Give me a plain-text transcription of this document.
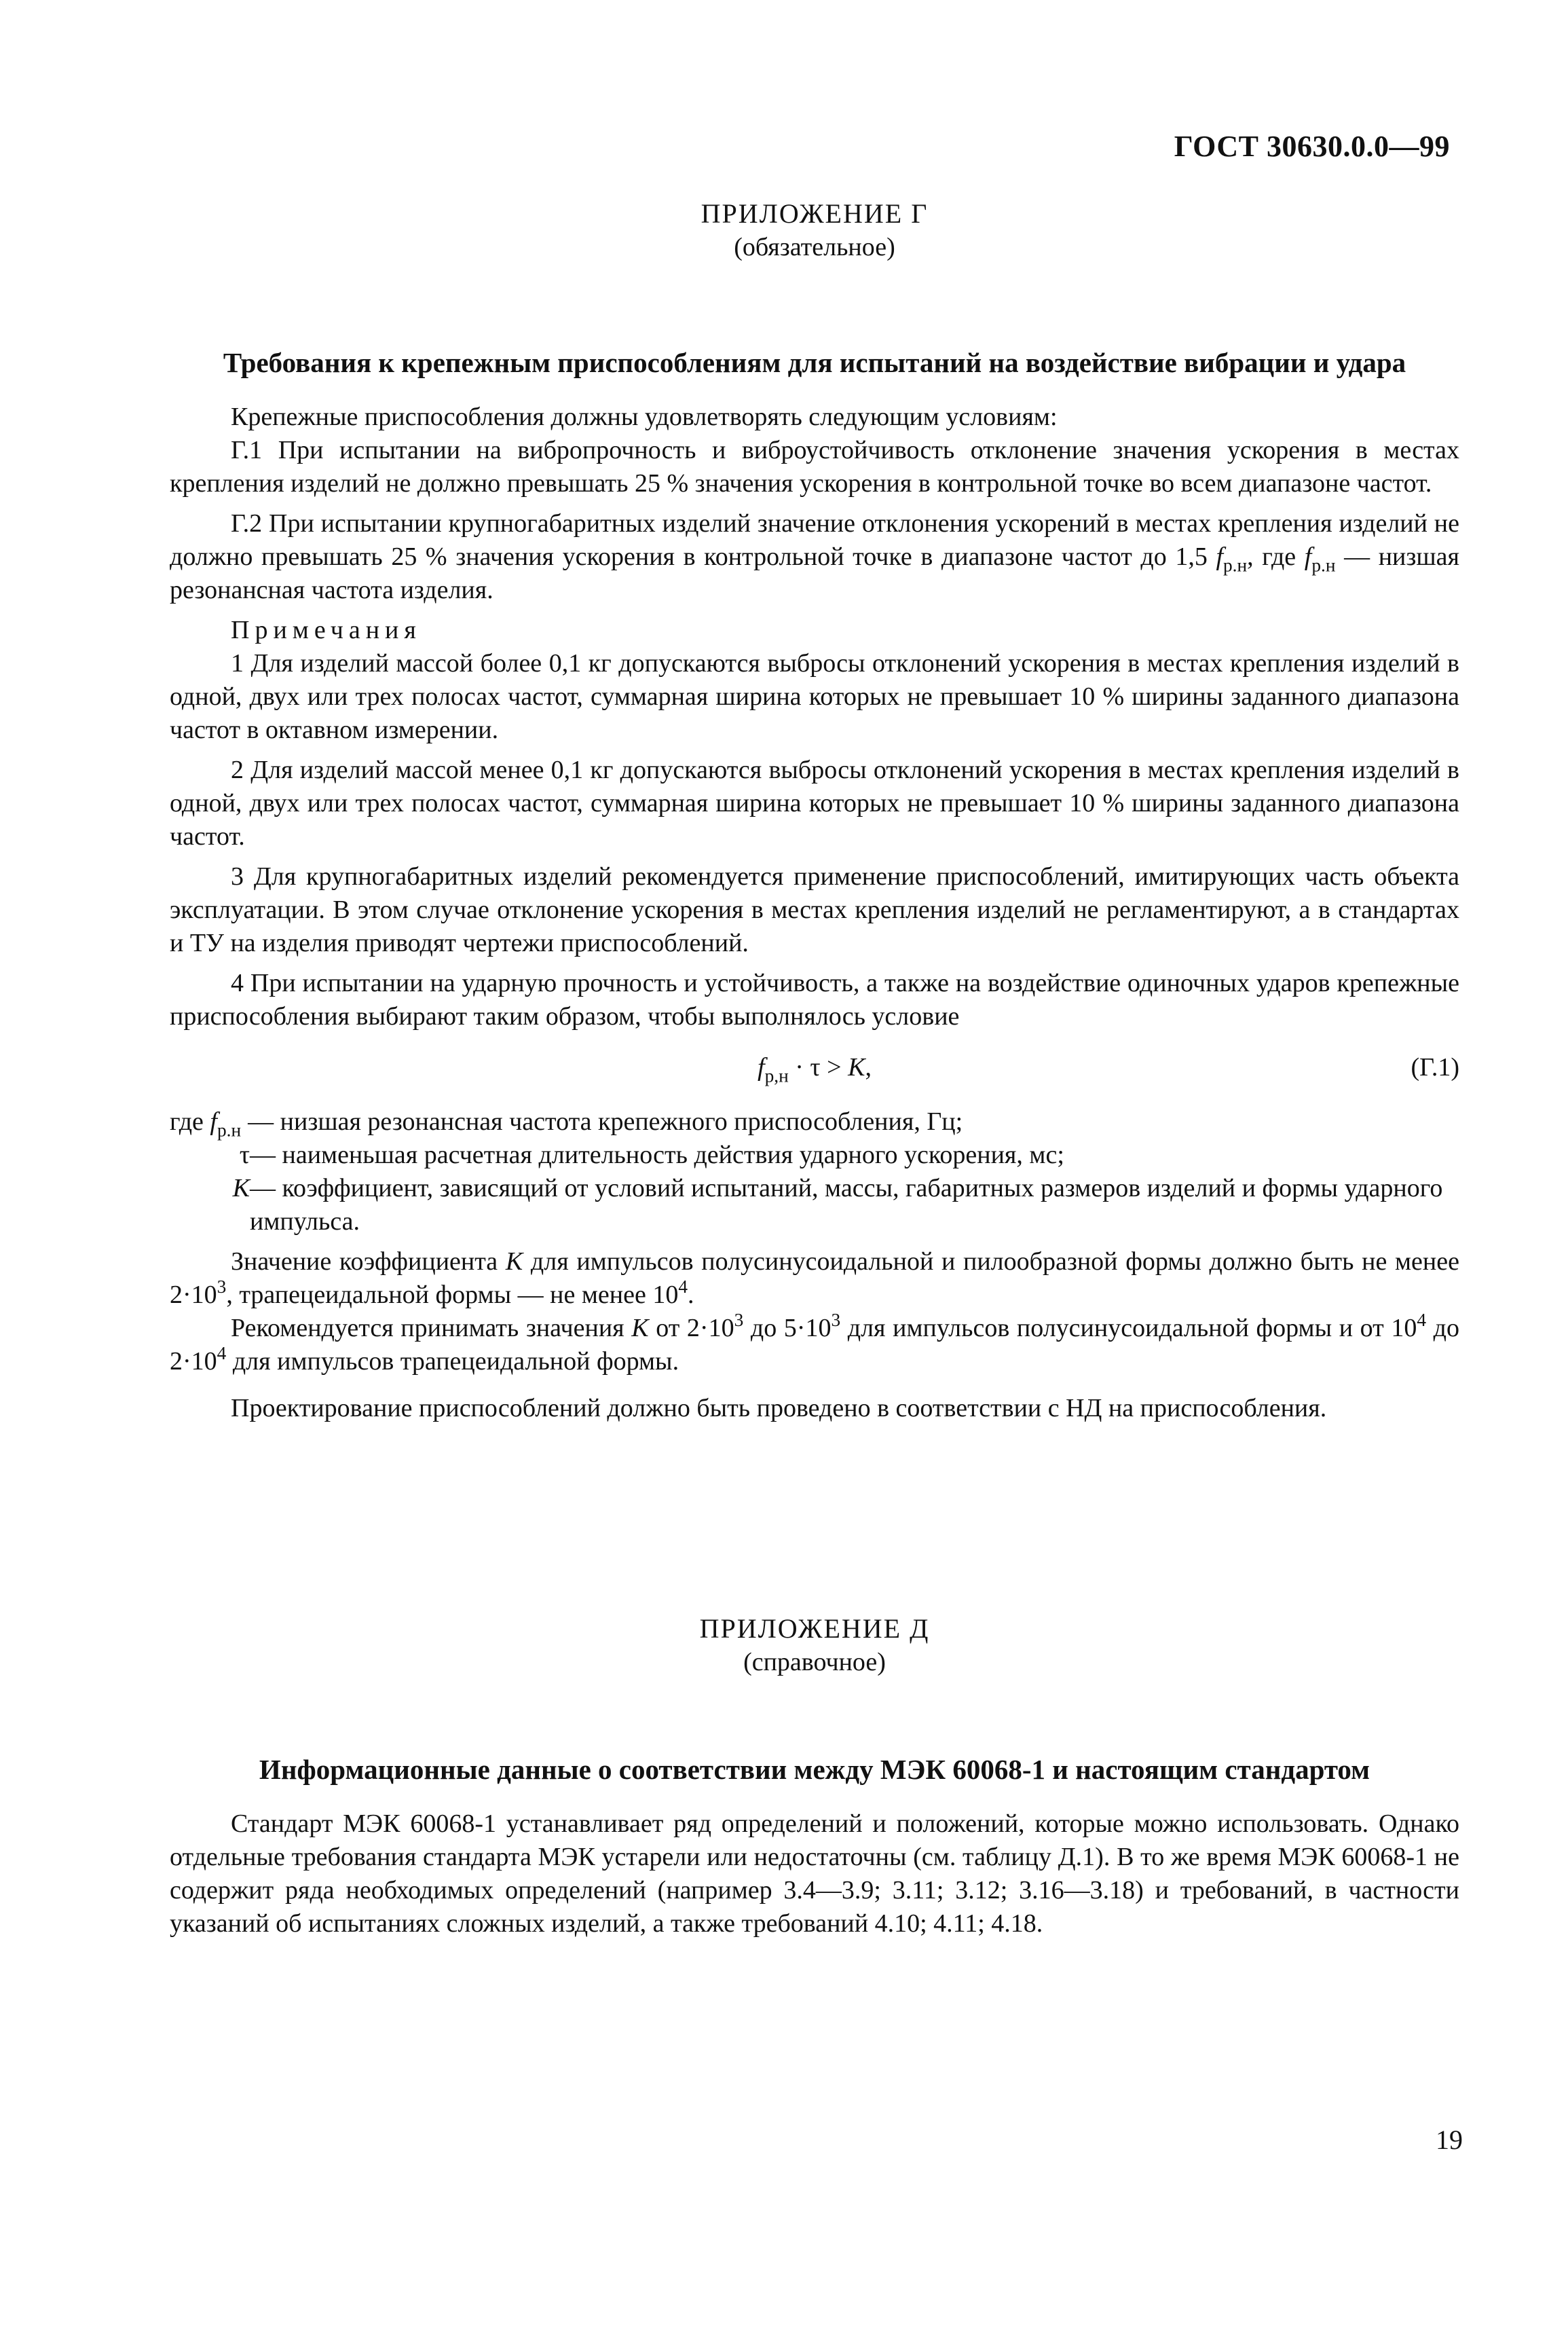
ГОСТ 30630.0.0—99
ПРИЛОЖЕНИЕ Г
(обязательное)
Требования к крепежным приспособлениям для испытаний на воздействие вибрации и удара

Крепежные приспособления должны удовлетворять следующим условиям:

Г.1 При испытании на вибропрочность и виброустойчивость отклонение значения ускорения в местах крепления изделий не должно превышать 25 % значения ускорения в контрольной точке во всем диапазоне частот.

Г.2 При испытании крупногабаритных изделий значение отклонения ускорений в местах крепления изделий не должно превышать 25 % значения ускорения в контрольной точке в диапазоне частот до 1,5 $f_{р.н}$, где $f_{р.н}$ — низшая резонансная частота изделия.

Примечания

1 Для изделий массой более 0,1 кг допускаются выбросы отклонений ускорения в местах крепления изделий в одной, двух или трех полосах частот, суммарная ширина которых не превышает 10 % ширины заданного диапазона частот в октавном измерении.

2 Для изделий массой менее 0,1 кг допускаются выбросы отклонений ускорения в местах крепления изделий в одной, двух или трех полосах частот, суммарная ширина которых не превышает 10 % ширины заданного диапазона частот.

3 Для крупногабаритных изделий рекомендуется применение приспособлений, имитирующих часть объекта эксплуатации. В этом случае отклонение ускорения в местах крепления изделий не регламентируют, а в стандартах и ТУ на изделия приводят чертежи приспособлений.

4 При испытании на ударную прочность и устойчивость, а также на воздействие одиночных ударов крепежные приспособления выбирают таким образом, чтобы выполнялось условие

$f_{р,н} \cdot \tau > K$,	(Г.1)
где $f_{р.н}$ — низшая резонансная частота крепежного приспособления, Гц;
τ — наименьшая расчетная длительность действия ударного ускорения, мс;
K — коэффициент, зависящий от условий испытаний, массы, габаритных размеров изделий и формы ударного импульса.

Значение коэффициента K для импульсов полусинусоидальной и пилообразной формы должно быть не менее $2\cdot 10^3$, трапецеидальной формы — не менее $10^4$.

Рекомендуется принимать значения K от $2\cdot 10^3$ до $5\cdot 10^3$ для импульсов полусинусоидальной формы и от $10^4$ до $2\cdot 10^4$ для импульсов трапецеидальной формы.

Проектирование приспособлений должно быть проведено в соответствии с НД на приспособления.

ПРИЛОЖЕНИЕ Д
(справочное)
Информационные данные о соответствии между МЭК 60068-1 и настоящим стандартом

Стандарт МЭК 60068-1 устанавливает ряд определений и положений, которые можно использовать. Однако отдельные требования стандарта МЭК устарели или недостаточны (см. таблицу Д.1). В то же время МЭК 60068-1 не содержит ряда необходимых определений (например 3.4—3.9; 3.11; 3.12; 3.16—3.18) и требований, в частности указаний об испытаниях сложных изделий, а также требований 4.10; 4.11; 4.18.

19
